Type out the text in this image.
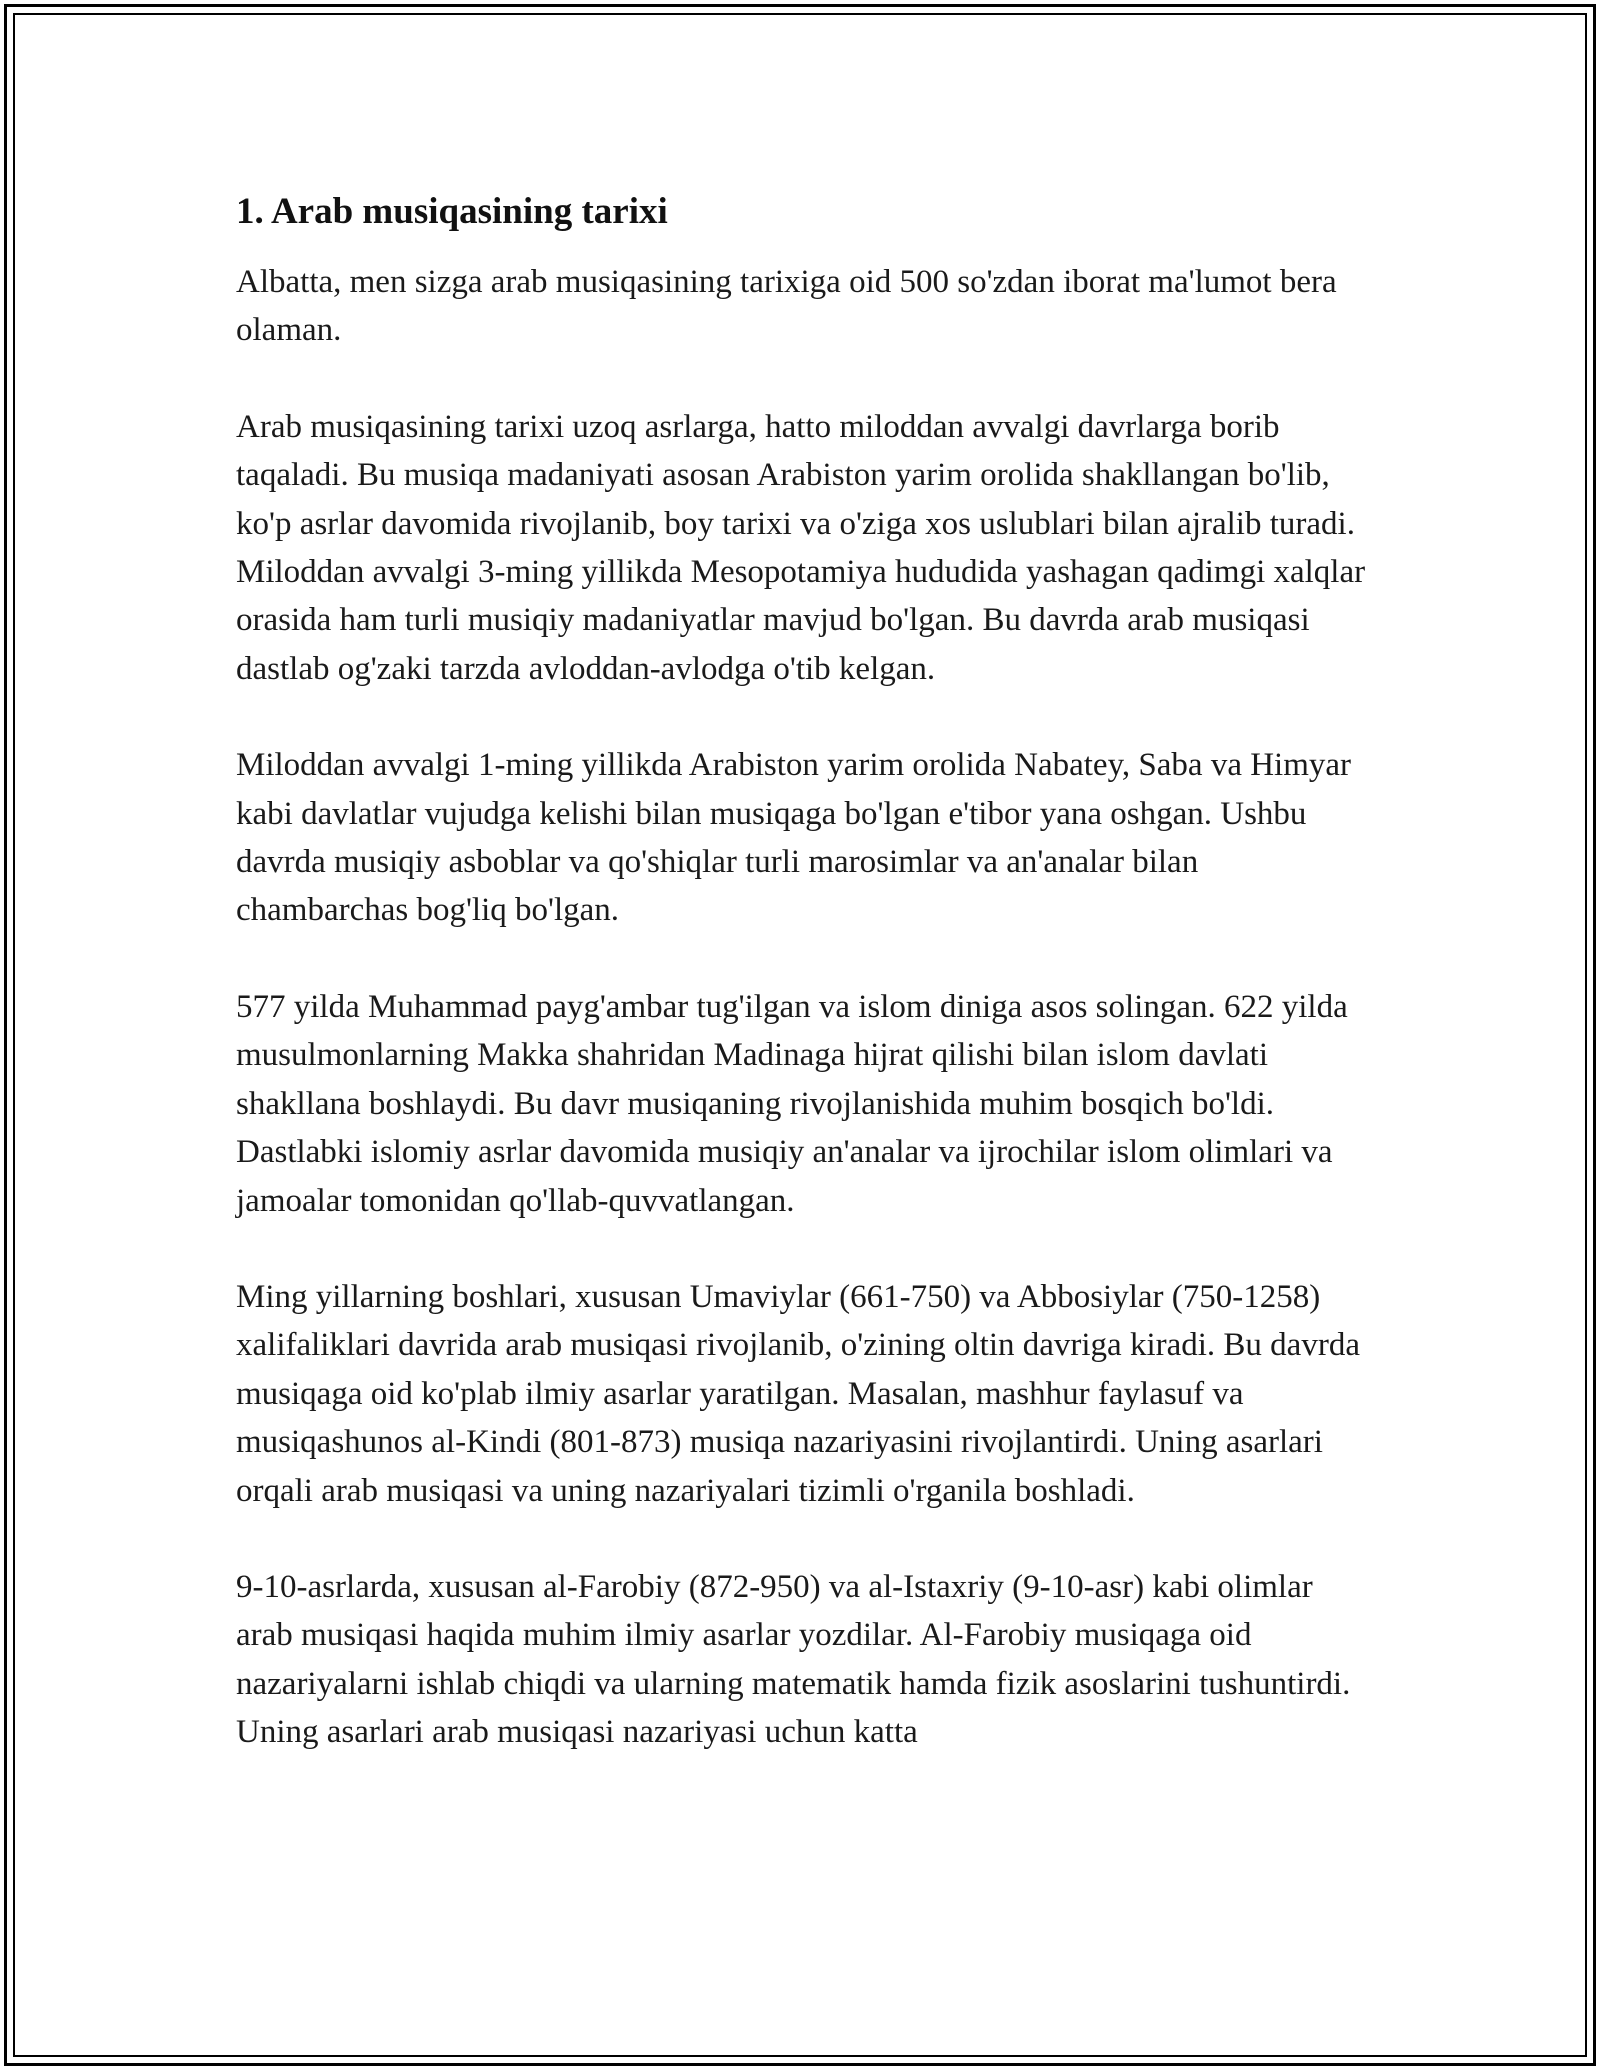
1. Arab musiqasining tarixi

Albatta, men sizga arab musiqasining tarixiga oid 500 so'zdan iborat ma'lumot bera olaman.

Arab musiqasining tarixi uzoq asrlarga, hatto miloddan avvalgi davrlarga borib taqaladi. Bu musiqa madaniyati asosan Arabiston yarim orolida shakllangan bo'lib, ko'p asrlar davomida rivojlanib, boy tarixi va o'ziga xos uslublari bilan ajralib turadi. Miloddan avvalgi 3-ming yillikda Mesopotamiya hududida yashagan qadimgi xalqlar orasida ham turli musiqiy madaniyatlar mavjud bo'lgan. Bu davrda arab musiqasi dastlab og'zaki tarzda avloddan-avlodga o'tib kelgan.

Miloddan avvalgi 1-ming yillikda Arabiston yarim orolida Nabatey, Saba va Himyar kabi davlatlar vujudga kelishi bilan musiqaga bo'lgan e'tibor yana oshgan. Ushbu davrda musiqiy asboblar va qo'shiqlar turli marosimlar va an'analar bilan chambarchas bog'liq bo'lgan.

577 yilda Muhammad payg'ambar tug'ilgan va islom diniga asos solingan. 622 yilda musulmonlarning Makka shahridan Madinaga hijrat qilishi bilan islom davlati shakllana boshlaydi. Bu davr musiqaning rivojlanishida muhim bosqich bo'ldi. Dastlabki islomiy asrlar davomida musiqiy an'analar va ijrochilar islom olimlari va jamoalar tomonidan qo'llab-quvvatlangan.

Ming yillarning boshlari, xususan Umaviylar (661-750) va Abbosiylar (750-1258) xalifaliklari davrida arab musiqasi rivojlanib, o'zining oltin davriga kiradi. Bu davrda musiqaga oid ko'plab ilmiy asarlar yaratilgan. Masalan, mashhur faylasuf va musiqashunos al-Kindi (801-873) musiqa nazariyasini rivojlantirdi. Uning asarlari orqali arab musiqasi va uning nazariyalari tizimli o'rganila boshladi.

9-10-asrlarda, xususan al-Farobiy (872-950) va al-Istaxriy (9-10-asr) kabi olimlar arab musiqasi haqida muhim ilmiy asarlar yozdilar. Al-Farobiy musiqaga oid nazariyalarni ishlab chiqdi va ularning matematik hamda fizik asoslarini tushuntirdi. Uning asarlari arab musiqasi nazariyasi uchun katta
